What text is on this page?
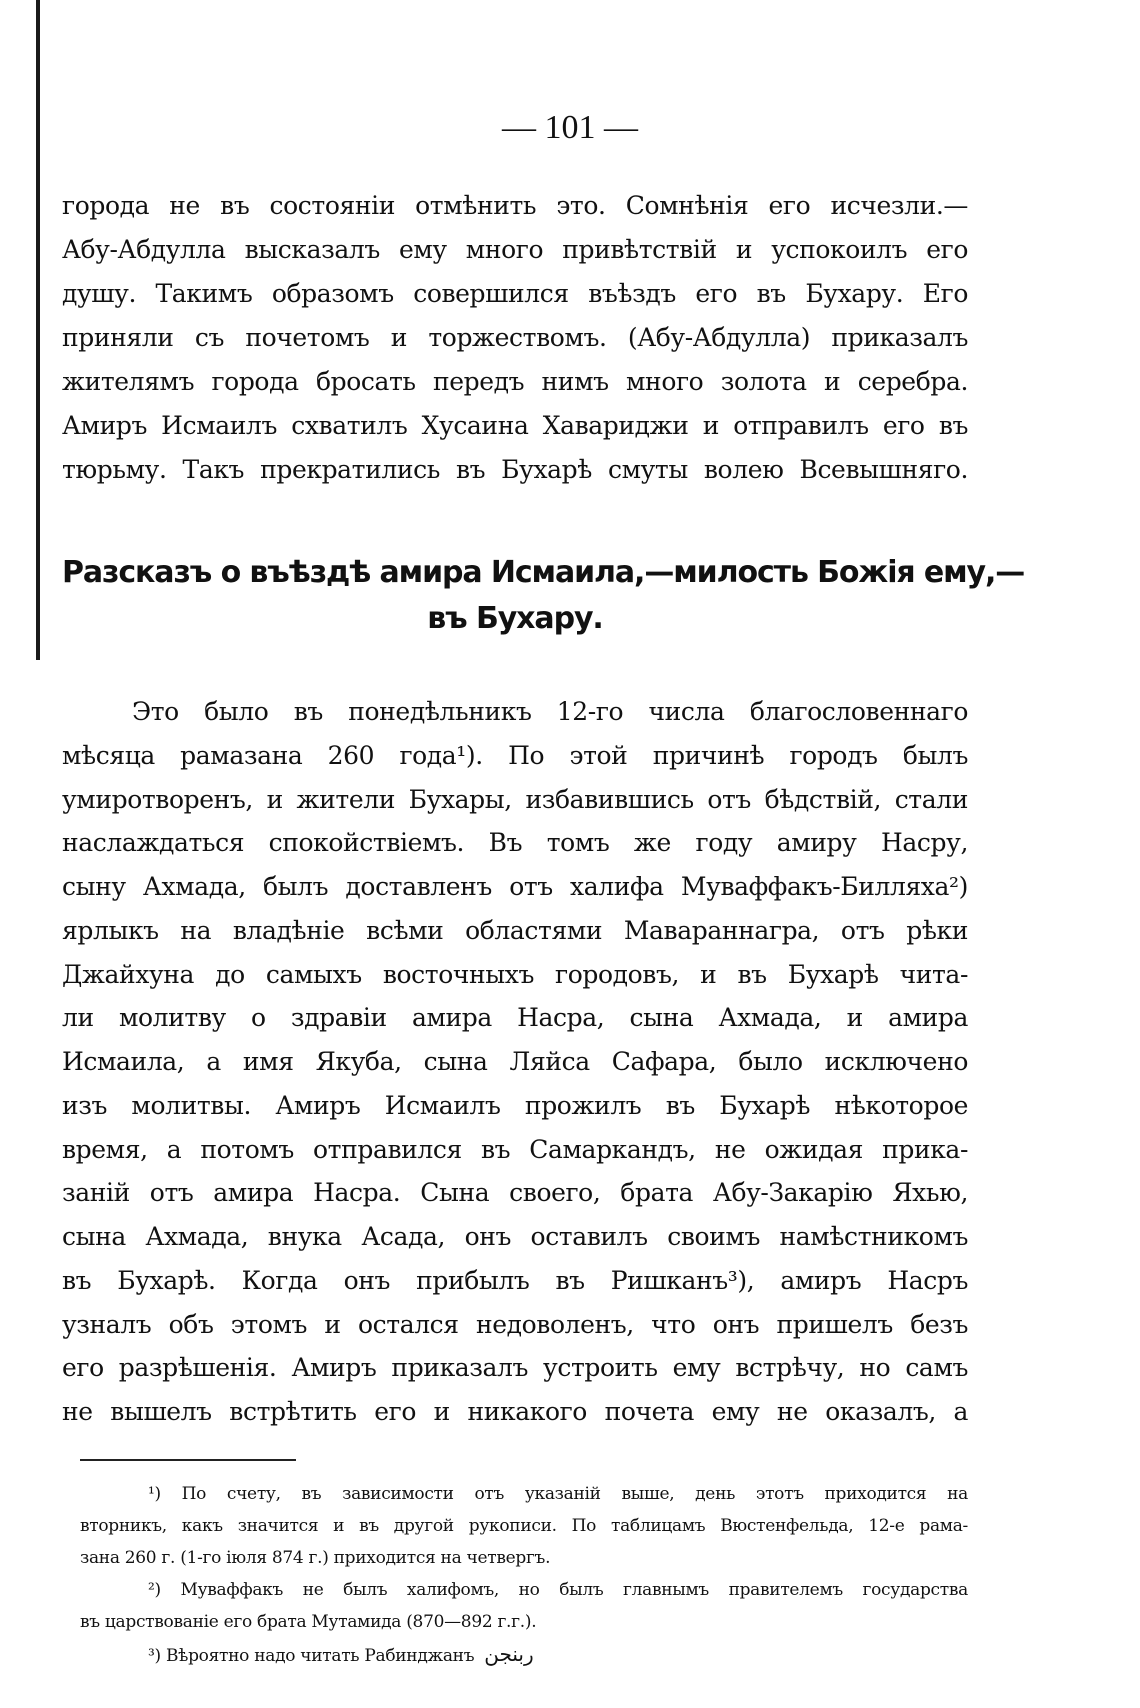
— 101 —
города не въ состоянiи отмѣнить это. Сомнѣнiя его исчезли.—
Абу-Абдулла высказалъ ему много привѣтствiй и успокоилъ его
душу. Такимъ образомъ совершился въѣздъ его въ Бухару. Его
приняли съ почетомъ и торжествомъ. (Абу-Абдулла) приказалъ
жителямъ города бросать передъ нимъ много золота и серебра.
Амиръ Исмаилъ схватилъ Хусаина Хавариджи и отправилъ его въ
тюрьму. Такъ прекратились въ Бухарѣ смуты волею Всевышняго.
Разсказъ о въѣздѣ амира Исмаила,—милость Божiя ему,—
въ Бухару.
Это было въ понедѣльникъ 12-го числа благословеннаго
мѣсяца рамазана 260 года¹). По этой причинѣ городъ былъ
умиротворенъ, и жители Бухары, избавившись отъ бѣдствiй, стали
наслаждаться спокойствiемъ. Въ томъ же году амиру Насру,
сыну Ахмада, былъ доставленъ отъ халифа Муваффакъ-Билляха²)
ярлыкъ на владѣнiе всѣми областями Мавараннагра, отъ рѣки
Джайхуна до самыхъ восточныхъ городовъ, и въ Бухарѣ чита-
ли молитву о здравiи амира Насра, сына Ахмада, и амира
Исмаила, а имя Якуба, сына Ляйса Сафара, было исключено
изъ молитвы. Амиръ Исмаилъ прожилъ въ Бухарѣ нѣкоторое
время, а потомъ отправился въ Самаркандъ, не ожидая прика-
занiй отъ амира Насра. Сына своего, брата Абу-Закарiю Яхью,
сына Ахмада, внука Асада, онъ оставилъ своимъ намѣстникомъ
въ Бухарѣ. Когда онъ прибылъ въ Ришканъ³), амиръ Насръ
узналъ объ этомъ и остался недоволенъ, что онъ пришелъ безъ
его разрѣшенiя. Амиръ приказалъ устроить ему встрѣчу, но самъ
не вышелъ встрѣтить его и никакого почета ему не оказалъ, а
¹) По счету, въ зависимости отъ указанiй выше, день этотъ приходится на
вторникъ, какъ значится и въ другой рукописи. По таблицамъ Вюстенфельда, 12-е рама-
зана 260 г. (1-го iюля 874 г.) приходится на четвергъ.
²) Муваффакъ не былъ халифомъ, но былъ главнымъ правителемъ государства
въ царствованiе его брата Мутамида (870—892 г.г.).
³) Вѣроятно надо читать Рабинджанъ ربنجن
